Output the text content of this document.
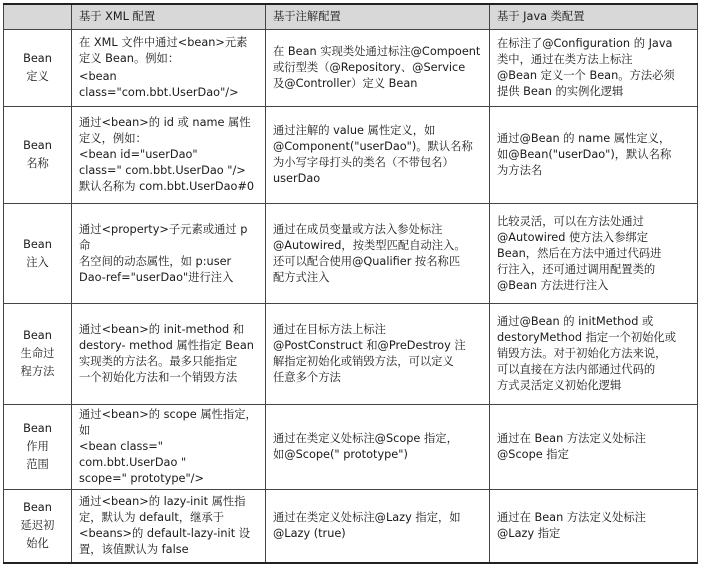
	基于 XML 配置	基于注解配置	基于 Java 类配置

Bean
定义	在 XML 文件中通过<bean>元素
定义 Bean。例如：
<bean
class="com.bbt.UserDao"/>	在 Bean 实现类处通过标注@Compoent
或衍型类（@Repository、@Service
及@Controller）定义 Bean	在标注了@Configuration 的 Java
类中，通过在类方法上标注
@Bean 定义一个 Bean。方法必须
提供 Bean 的实例化逻辑

Bean
名称	通过<bean>的 id 或 name 属性
定义，例如：
<bean id="userDao"
class=" com.bbt.UserDao "/>
默认名称为 com.bbt.UserDao#0	通过注解的 value 属性定义，如
@Component("userDao")。默认名称
为小写字母打头的类名（不带包名）
userDao	通过@Bean 的 name 属性定义，
如@Bean("userDao")，默认名称
为方法名

Bean
注入	通过<property>子元素或通过 p 命
名空间的动态属性，如 p:user
Dao-ref="userDao"进行注入	通过在成员变量或方法入参处标注
@Autowired，按类型匹配自动注入。
还可以配合使用@Qualifier 按名称匹
配方式注入	比较灵活，可以在方法处通过
@Autowired 使方法入参绑定
Bean，然后在方法中通过代码进
行注入，还可通过调用配置类的
@Bean 方法进行注入

Bean
生命过
程方法	通过<bean>的 init-method 和
destory- method 属性指定 Bean
实现类的方法名。最多只能指定
一个初始化方法和一个销毁方法	通过在目标方法上标注
@PostConstruct 和@PreDestroy 注
解指定初始化或销毁方法，可以定义
任意多个方法	通过@Bean 的 initMethod 或
destoryMethod 指定一个初始化或
销毁方法。对于初始化方法来说，
可以直接在方法内部通过代码的
方式灵活定义初始化逻辑

Bean
作用
范围	通过<bean>的 scope 属性指定，如
<bean class=" com.bbt.UserDao "
scope=" prototype"/>	通过在类定义处标注@Scope 指定，
如@Scope(" prototype")	通过在 Bean 方法定义处标注
@Scope 指定

Bean
延迟初
始化	通过<bean>的 lazy-init 属性指
定，默认为 default，继承于
<beans>的 default-lazy-init 设
置，该值默认为 false	通过在类定义处标注@Lazy 指定，如
@Lazy (true)	通过在 Bean 方法定义处标注
@Lazy 指定
